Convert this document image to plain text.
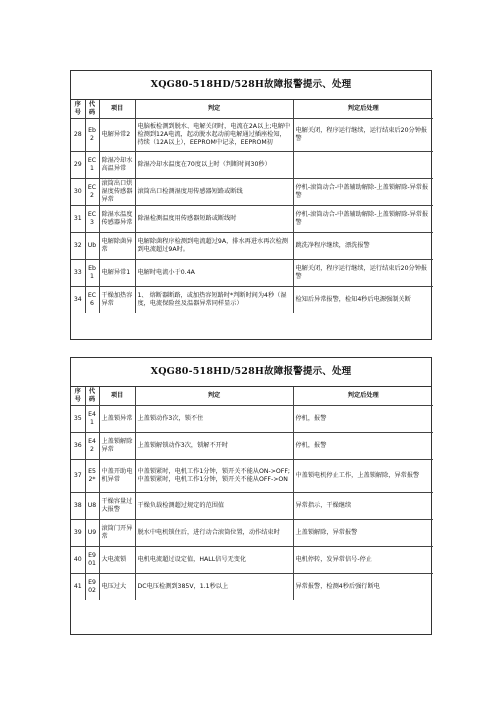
XQG80-518HD/528H故障报警提示、处理
序号	代码	项目	判定	判定后处理
28	Eb2	电解异常2	电脑板检测到脱水、电解关闭时，电流在2A以上;电解中检测到12A电流，起动脱水起动前电解通过插座检知，持续（12A以上），EEPROM中记录，EEPROM初	电解关闭，程序运行继续，运行结束后20分钟报警
29	EC1	除湿冷却水高温异常	除湿冷却水温度在70度以上时（判断时间30秒）	
30	EC2	滚筒出口烘湿度传感器异常	滚筒出口检测湿度用传感器短路或断线	停机-滚筒动合-中盖辅助解除-上盖锁解除-异常报警
31	EC3	除湿水温度传感器异常	除湿检测温度用传感器短路或断线时	停机-滚筒动合-中盖辅助解除-上盖锁解除-异常报警
32	Ub	电解除菌异常	电解除菌程序检测到电流超过9A，排水再进水再次检测到电流超过9A时。	跳洗净程序继续，漂洗报警
33	Eb1	电解异常1	电解时电流小于0.4A	电解关闭，程序运行继续，运行结束后20分钟报警
34	EC6	干燥加热容异常	1、 熔断器断路，或加热容短路时*判断时间为4秒（湿度，电流保险丝及温器异常同样显示）	检知后异常报警，检知4秒后电源强制关断
XQG80-518HD/528H故障报警提示、处理
序号	代码	项目	判定	判定后处理
35	E41	上盖锁异常	上盖锁动作3次，锁不住	停机，报警
36	E42	上盖锁解除异常	上盖锁解锁动作3次，锁解不开时	停机，报警
37	E52*	中盖开助电机异常	中盖锁紧时，电机工作1分钟，锁开关不能从ON->OFF;中盖锁紧时，电机工作1分钟，锁开关不能从OFF->ON	中盖锁电机停止工作，上盖锁解除，异常报警
38	U8	干燥容量过大报警	干燥负载检测超过规定的范围值	异常指示，干燥继续
39	U9	滚筒门开异常	脱水中电机锁住后，进行动合滚筒位置，动作结束时	上盖锁解除，异常报警
40	E901	大电流锁	电机电流超过设定值，HALL信号无变化	电机停转，发异常信号-停止
41	E902	电压过大	DC电压检测到385V，1.1秒以上	异常报警，检测4秒后强行断电
